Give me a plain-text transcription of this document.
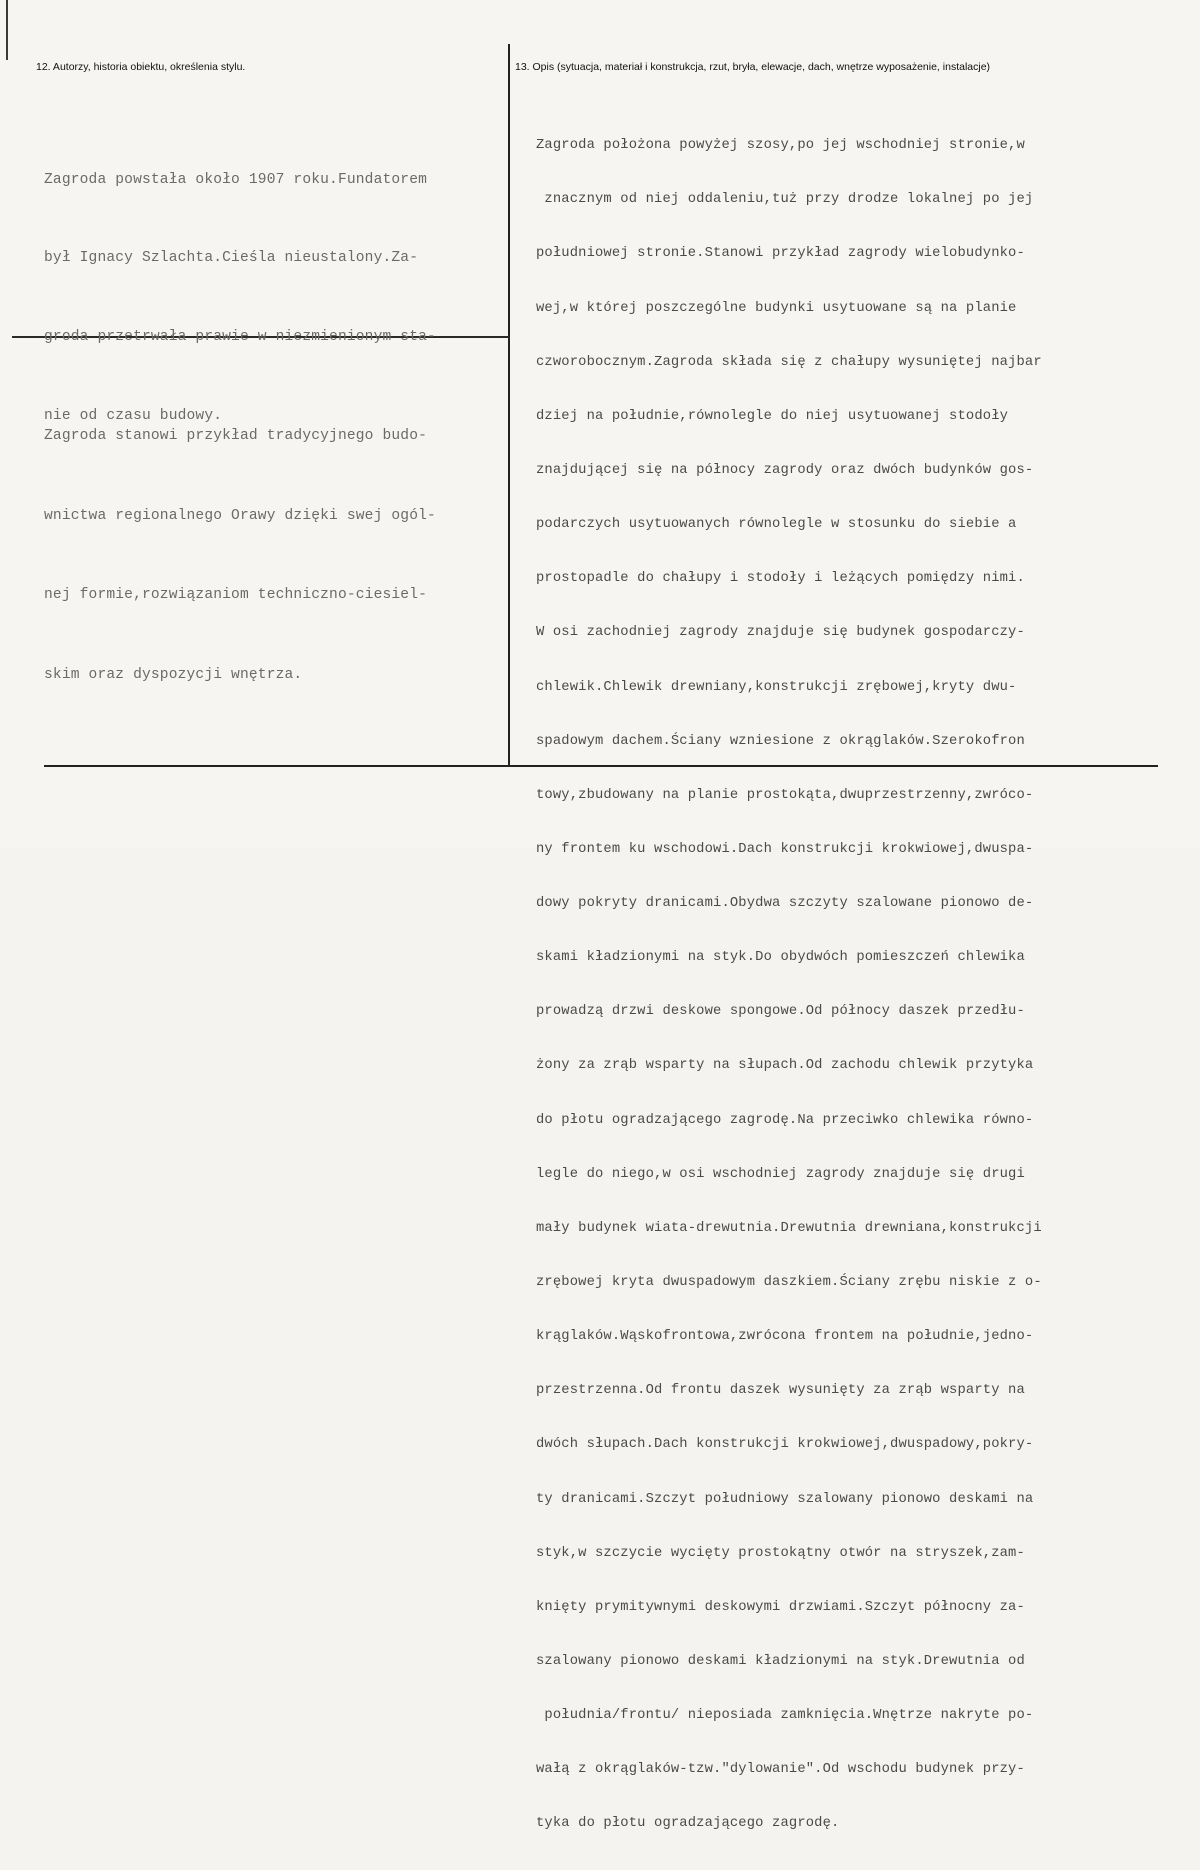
12. Autorzy, historia obiektu, określenia stylu.	13. Opis (sytuacja, materiał i konstrukcja, rzut, bryła, elewacje, dach, wnętrze wyposażenie, instalacje)

Zagroda powstała około 1907 roku.Fundatorem

był Ignacy Szlachta.Cieśla nieustalony.Za-

groda przetrwała prawie w niezmienionym sta-

nie od czasu budowy.

Zagroda stanowi przykład tradycyjnego budo-

wnictwa regionalnego Orawy dzięki swej ogól-

nej formie,rozwiązaniom techniczno-ciesiel-

skim oraz dyspozycji wnętrza.

Zagroda położona powyżej szosy,po jej wschodniej stronie,w

znacznym od niej oddaleniu,tuż przy drodze lokalnej po jej

południowej stronie.Stanowi przykład zagrody wielobudynko-

wej,w której poszczególne budynki usytuowane są na planie

czworobocznym.Zagroda składa się z chałupy wysuniętej najbar

dziej na południe,równolegle do niej usytuowanej stodoły

znajdującej się na północy zagrody oraz dwóch budynków gos-

podarczych usytuowanych równolegle w stosunku do siebie a

prostopadle do chałupy i stodoły i leżących pomiędzy nimi.

W osi zachodniej zagrody znajduje się budynek gospodarczy-

chlewik.Chlewik drewniany,konstrukcji zrębowej,kryty dwu-

spadowym dachem.Ściany wzniesione z okrąglaków.Szerokofron

towy,zbudowany na planie prostokąta,dwuprzestrzenny,zwróco-

ny frontem ku wschodowi.Dach konstrukcji krokwiowej,dwuspa-

dowy pokryty dranicami.Obydwa szczyty szalowane pionowo de-

skami kładzionymi na styk.Do obydwóch pomieszczeń chlewika

prowadzą drzwi deskowe spongowe.Od północy daszek przedłu-

żony za zrąb wsparty na słupach.Od zachodu chlewik przytyka

do płotu ogradzającego zagrodę.Na przeciwko chlewika równo-

legle do niego,w osi wschodniej zagrody znajduje się drugi

mały budynek wiata-drewutnia.Drewutnia drewniana,konstrukcji

zrębowej kryta dwuspadowym daszkiem.Ściany zrębu niskie z o-

krąglaków.Wąskofrontowa,zwrócona frontem na południe,jedno-

przestrzenna.Od frontu daszek wysunięty za zrąb wsparty na

dwóch słupach.Dach konstrukcji krokwiowej,dwuspadowy,pokry-

ty dranicami.Szczyt południowy szalowany pionowo deskami na

styk,w szczycie wycięty prostokątny otwór na stryszek,zam-

knięty prymitywnymi deskowymi drzwiami.Szczyt północny za-

szalowany pionowo deskami kładzionymi na styk.Drewutnia od

południa/frontu/ nieposiada zamknięcia.Wnętrze nakryte po-

wałą z okrąglaków-tzw."dylowanie".Od wschodu budynek przy-

tyka do płotu ogradzającego zagrodę.
